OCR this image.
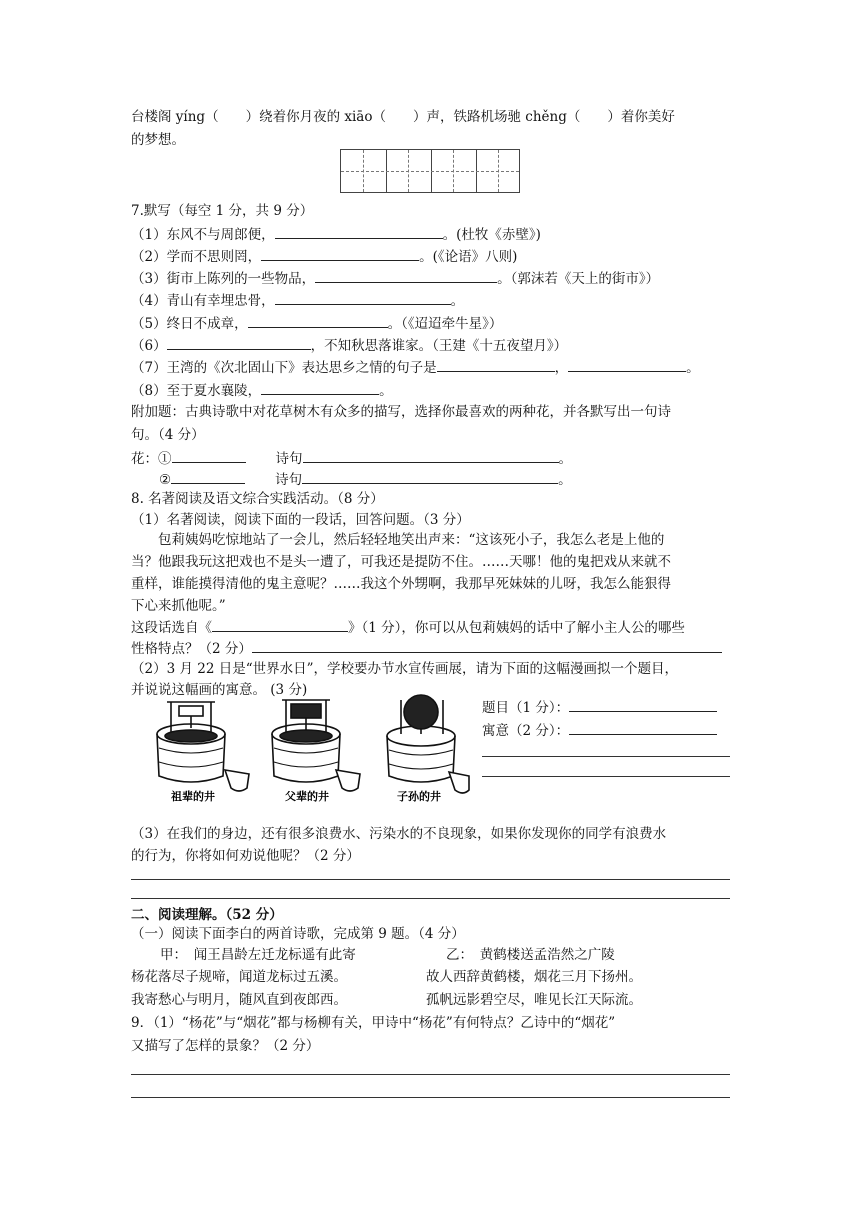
台楼阁 yíng（　　）绕着你月夜的 xiāo（　　）声，铁路机场驰 chěng（　　）着你美好
的梦想。
7.默写（每空 1 分，共 9 分）
（1）东风不与周郎便，	。(杜牧《赤壁》)
（2）学而不思则罔，	。(《论语》八则)
（3）街市上陈列的一些物品，	。（郭沫若《天上的街市》）
（4）青山有幸埋忠骨，	。
（5）终日不成章，	。（《迢迢牵牛星》）
（6）	，不知秋思落谁家。（王建《十五夜望月》）
（7）王湾的《次北固山下》表达思乡之情的句子是	，	。
（8）至于夏水襄陵，	。
附加题：古典诗歌中对花草树木有众多的描写，选择你最喜欢的两种花，并各默写出一句诗
句。（4 分）
花：①	诗句	。
②	诗句	。
8. 名著阅读及语文综合实践活动。（8 分）
（1）名著阅读，阅读下面的一段话，回答问题。（3 分）
　　包莉姨妈吃惊地站了一会儿，然后轻轻地笑出声来：“这该死小子，我怎么老是上他的
当？他跟我玩这把戏也不是头一遭了，可我还是提防不住。……天哪！他的鬼把戏从来就不
重样，谁能摸得清他的鬼主意呢？……我这个外甥啊，我那早死妹妹的儿呀，我怎么能狠得
下心来抓他呢。”
这段话选自《	》（1 分），你可以从包莉姨妈的话中了解小主人公的哪些
性格特点？（2 分）
（2）3 月 22 日是“世界水日”，学校要办节水宣传画展，请为下面的这幅漫画拟一个题目，
并说说这幅画的寓意。 (3 分)
祖辈的井	父辈的井	子孙的井
题目（1 分）：
寓意（2 分）：
（3）在我们的身边，还有很多浪费水、污染水的不良现象，如果你发现你的同学有浪费水
的行为，你将如何劝说他呢？（2 分）
二、阅读理解。（52 分）
（一）阅读下面李白的两首诗歌，完成第 9 题。（4 分）
甲：　闻王昌龄左迁龙标遥有此寄	乙：　黄鹤楼送孟浩然之广陵
杨花落尽子规啼，闻道龙标过五溪。	故人西辞黄鹤楼，烟花三月下扬州。
我寄愁心与明月，随风直到夜郎西。	孤帆远影碧空尽，唯见长江天际流。
9．（1）“杨花”与“烟花”都与杨柳有关，甲诗中“杨花”有何特点？乙诗中的“烟花”
又描写了怎样的景象？（2 分）
